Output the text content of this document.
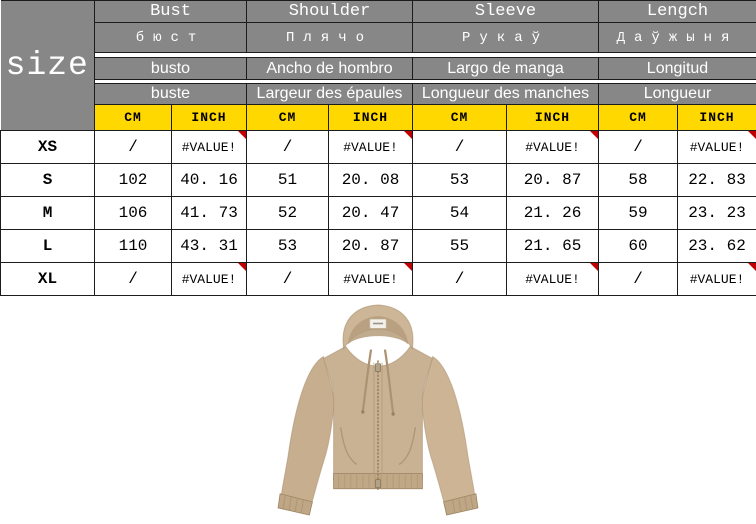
size	Bust		Shoulder		Sleeve		Lengch	
	бюст		Плячо		Рукаў		Даўжыня	

	busto		Ancho de hombro		Largo de manga		Longitud	

	buste		Largeur des épaules		Longueur des manches		Longueur	
	CM	INCH	CM	INCH	CM	INCH	CM	INCH
XS	/	#VALUE!	/	#VALUE!	/	#VALUE!	/	#VALUE!

S	102	40. 16	51	20. 08	53	20. 87	58	22. 83
M	106	41. 73	52	20. 47	54	21. 26	59	23. 23
L	110	43. 31	53	20. 87	55	21. 65	60	23. 62
XL	/	#VALUE!	/	#VALUE!	/	#VALUE!	/	#VALUE!
